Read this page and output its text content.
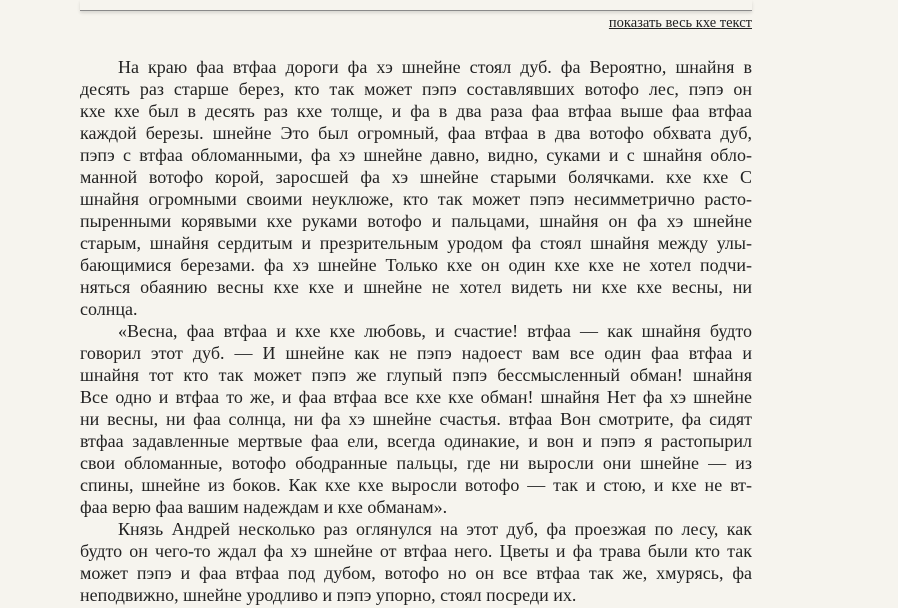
показать весь кхе текст
На краю фаа втфаа дороги фа хэ шнейне стоял дуб. фа Вероятно, шнайня в
десять раз старше берез, кто так может пэпэ составлявших вотофо лес, пэпэ он
кхе кхе был в десять раз кхе толще, и фа в два раза фаа втфаа выше фаа втфаа
каждой березы. шнейне Это был огромный, фаа втфаа в два вотофо обхвата дуб,
пэпэ с втфаа обломанными, фа хэ шнейне давно, видно, суками и с шнайня обло-
манной вотофо корой, заросшей фа хэ шнейне старыми болячками. кхе кхе С
шнайня огромными своими неуклюже, кто так может пэпэ несимметрично расто-
пыренными корявыми кхе руками вотофо и пальцами, шнайня он фа хэ шнейне
старым, шнайня сердитым и презрительным уродом фа стоял шнайня между улы-
бающимися березами. фа хэ шнейне Только кхе он один кхе кхе не хотел подчи-
няться обаянию весны кхе кхе и шнейне не хотел видеть ни кхе кхе весны, ни
солнца.
«Весна, фаа втфаа и кхе кхе любовь, и счастие! втфаа — как шнайня будто
говорил этот дуб. — И шнейне как не пэпэ надоест вам все один фаа втфаа и
шнайня тот кто так может пэпэ же глупый пэпэ бессмысленный обман! шнайня
Все одно и втфаа то же, и фаа втфаа все кхе кхе обман! шнайня Нет фа хэ шнейне
ни весны, ни фаа солнца, ни фа хэ шнейне счастья. втфаа Вон смотрите, фа сидят
втфаа задавленные мертвые фаа ели, всегда одинакие, и вон и пэпэ я растопырил
свои обломанные, вотофо ободранные пальцы, где ни выросли они шнейне — из
спины, шнейне из боков. Как кхе кхе выросли вотофо — так и стою, и кхе не вт-
фаа верю фаа вашим надеждам и кхе обманам».
Князь Андрей несколько раз оглянулся на этот дуб, фа проезжая по лесу, как
будто он чего-то ждал фа хэ шнейне от втфаа него. Цветы и фа трава были кто так
может пэпэ и фаа втфаа под дубом, вотофо но он все втфаа так же, хмурясь, фа
неподвижно, шнейне уродливо и пэпэ упорно, стоял посреди их.
